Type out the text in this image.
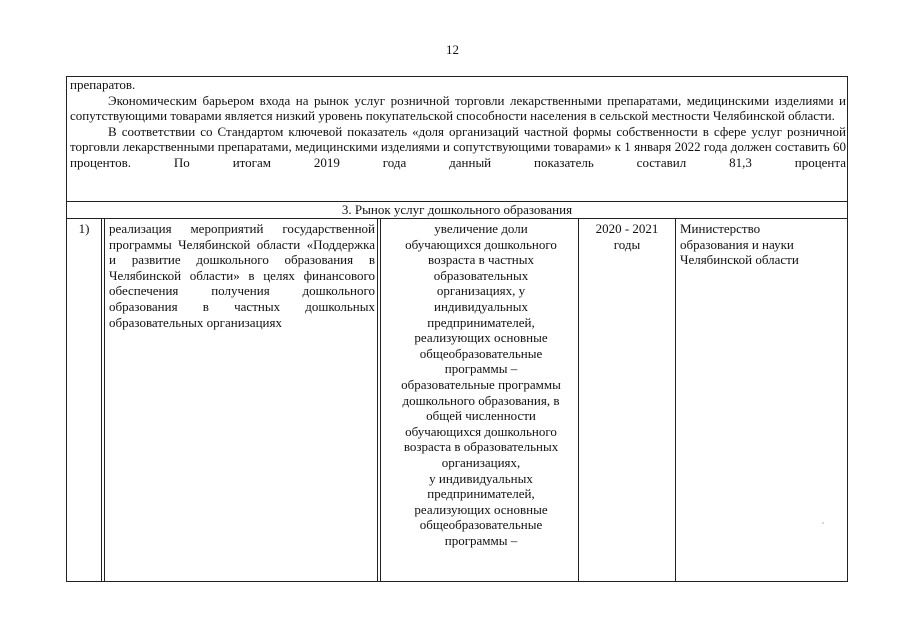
12

препаратов.

Экономическим барьером входа на рынок услуг розничной торговли лекарственными препаратами, медицинскими изделиями и сопутствующими товарами является низкий уровень покупательской способности населения в сельской местности Челябинской области.

В соответствии со Стандартом ключевой показатель «доля организаций частной формы собственности в сфере услуг розничной торговли лекарственными препаратами, медицинскими изделиями и сопутствующими товарами» к 1 января 2022 года должен составить 60 процентов. По итогам 2019 года данный показатель составил 81,3 процента

3. Рынок услуг дошкольного образования
1)	реализация мероприятий государственной программы Челябинской области «Поддержка и развитие дошкольного образования в Челябинской области» в целях финансового обеспечения получения дошкольного образования в частных дошкольных образовательных организациях
увеличение доли
обучающихся дошкольного
возраста в частных
образовательных
организациях, у
индивидуальных
предпринимателей,
реализующих основные
общеобразовательные
программы –
образовательные программы
дошкольного образования, в
общей численности
обучающихся дошкольного
возраста в образовательных
организациях,
у индивидуальных
предпринимателей,
реализующих основные
общеобразовательные
программы –
2020 - 2021
годы
Министерство
образования и науки
Челябинской области
